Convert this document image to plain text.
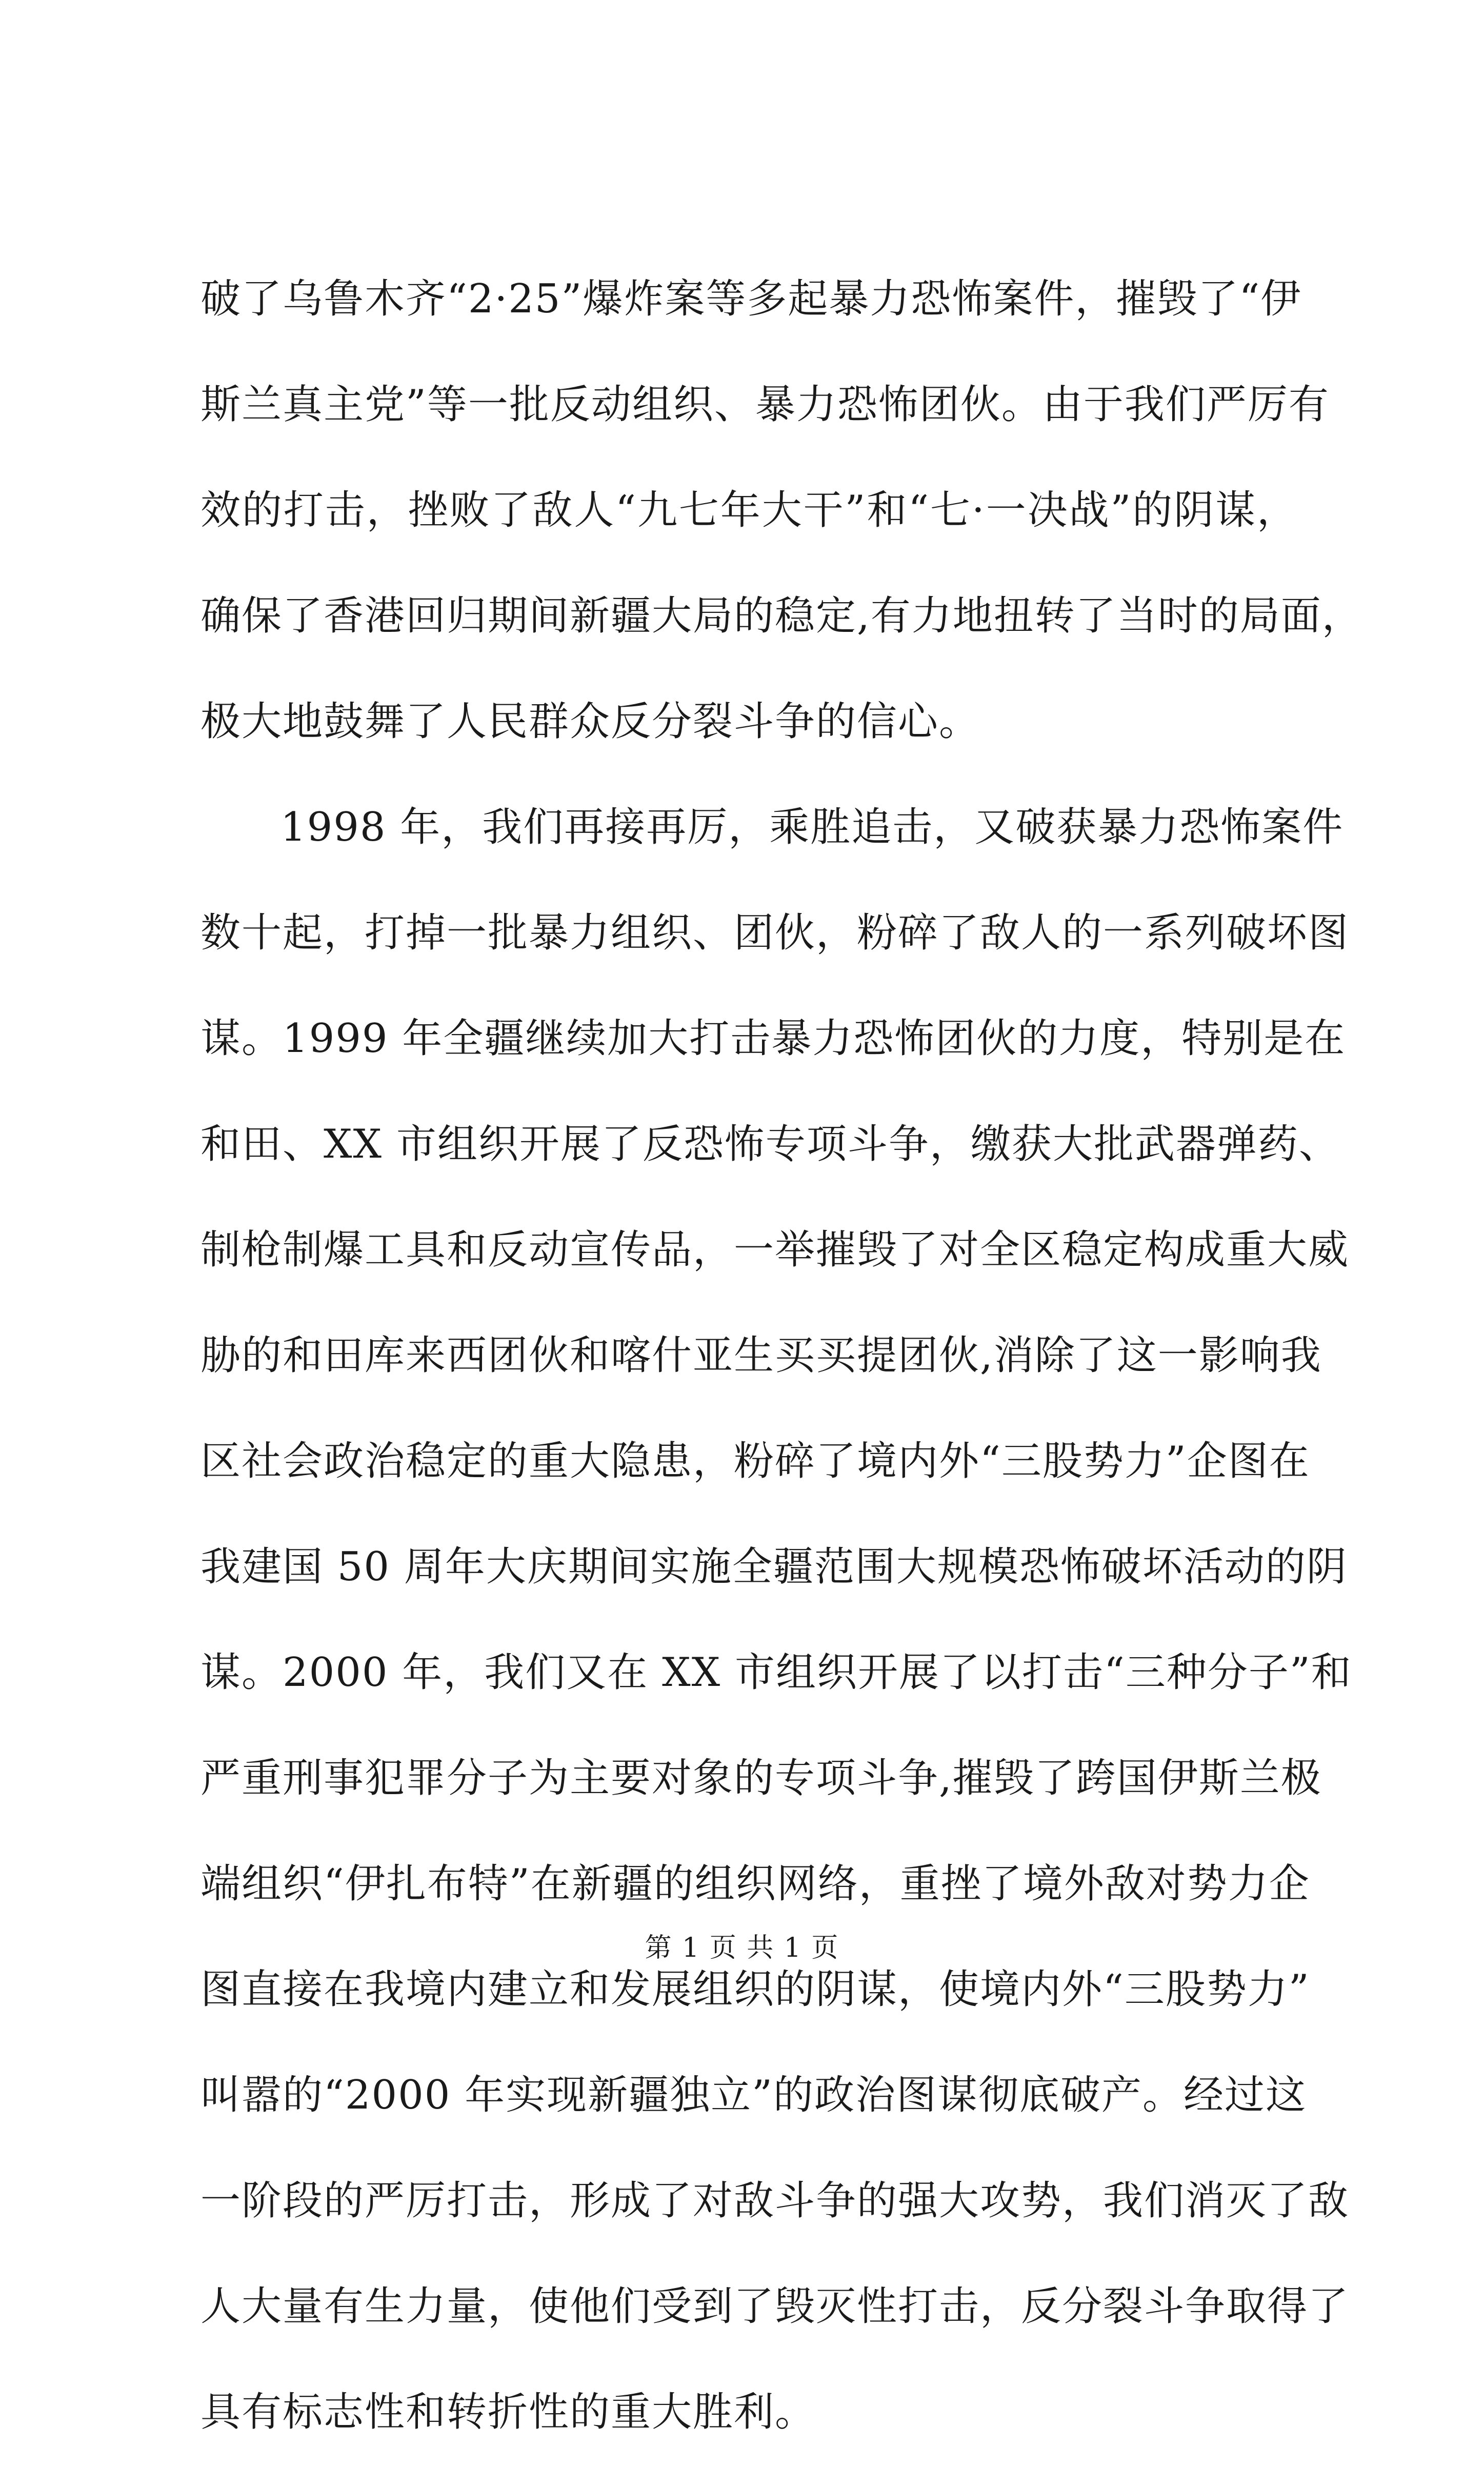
破了乌鲁木齐“2·25”爆炸案等多起暴力恐怖案件，摧毁了“伊
斯兰真主党”等一批反动组织、暴力恐怖团伙。由于我们严厉有
效的打击，挫败了敌人“九七年大干”和“七·一决战”的阴谋，
确保了香港回归期间新疆大局的稳定,有力地扭转了当时的局面，
极大地鼓舞了人民群众反分裂斗争的信心。
1998 年，我们再接再厉，乘胜追击，又破获暴力恐怖案件
数十起，打掉一批暴力组织、团伙，粉碎了敌人的一系列破坏图
谋。1999 年全疆继续加大打击暴力恐怖团伙的力度，特别是在
和田、XX 市组织开展了反恐怖专项斗争，缴获大批武器弹药、
制枪制爆工具和反动宣传品，一举摧毁了对全区稳定构成重大威
胁的和田库来西团伙和喀什亚生买买提团伙,消除了这一影响我
区社会政治稳定的重大隐患，粉碎了境内外“三股势力”企图在
我建国 50 周年大庆期间实施全疆范围大规模恐怖破坏活动的阴
谋。2000 年，我们又在 XX 市组织开展了以打击“三种分子”和
严重刑事犯罪分子为主要对象的专项斗争,摧毁了跨国伊斯兰极
端组织“伊扎布特”在新疆的组织网络，重挫了境外敌对势力企
图直接在我境内建立和发展组织的阴谋，使境内外“三股势力”
叫嚣的“2000 年实现新疆独立”的政治图谋彻底破产。经过这
一阶段的严厉打击，形成了对敌斗争的强大攻势，我们消灭了敌
人大量有生力量，使他们受到了毁灭性打击，反分裂斗争取得了
具有标志性和转折性的重大胜利。
第 1 页 共 1 页
